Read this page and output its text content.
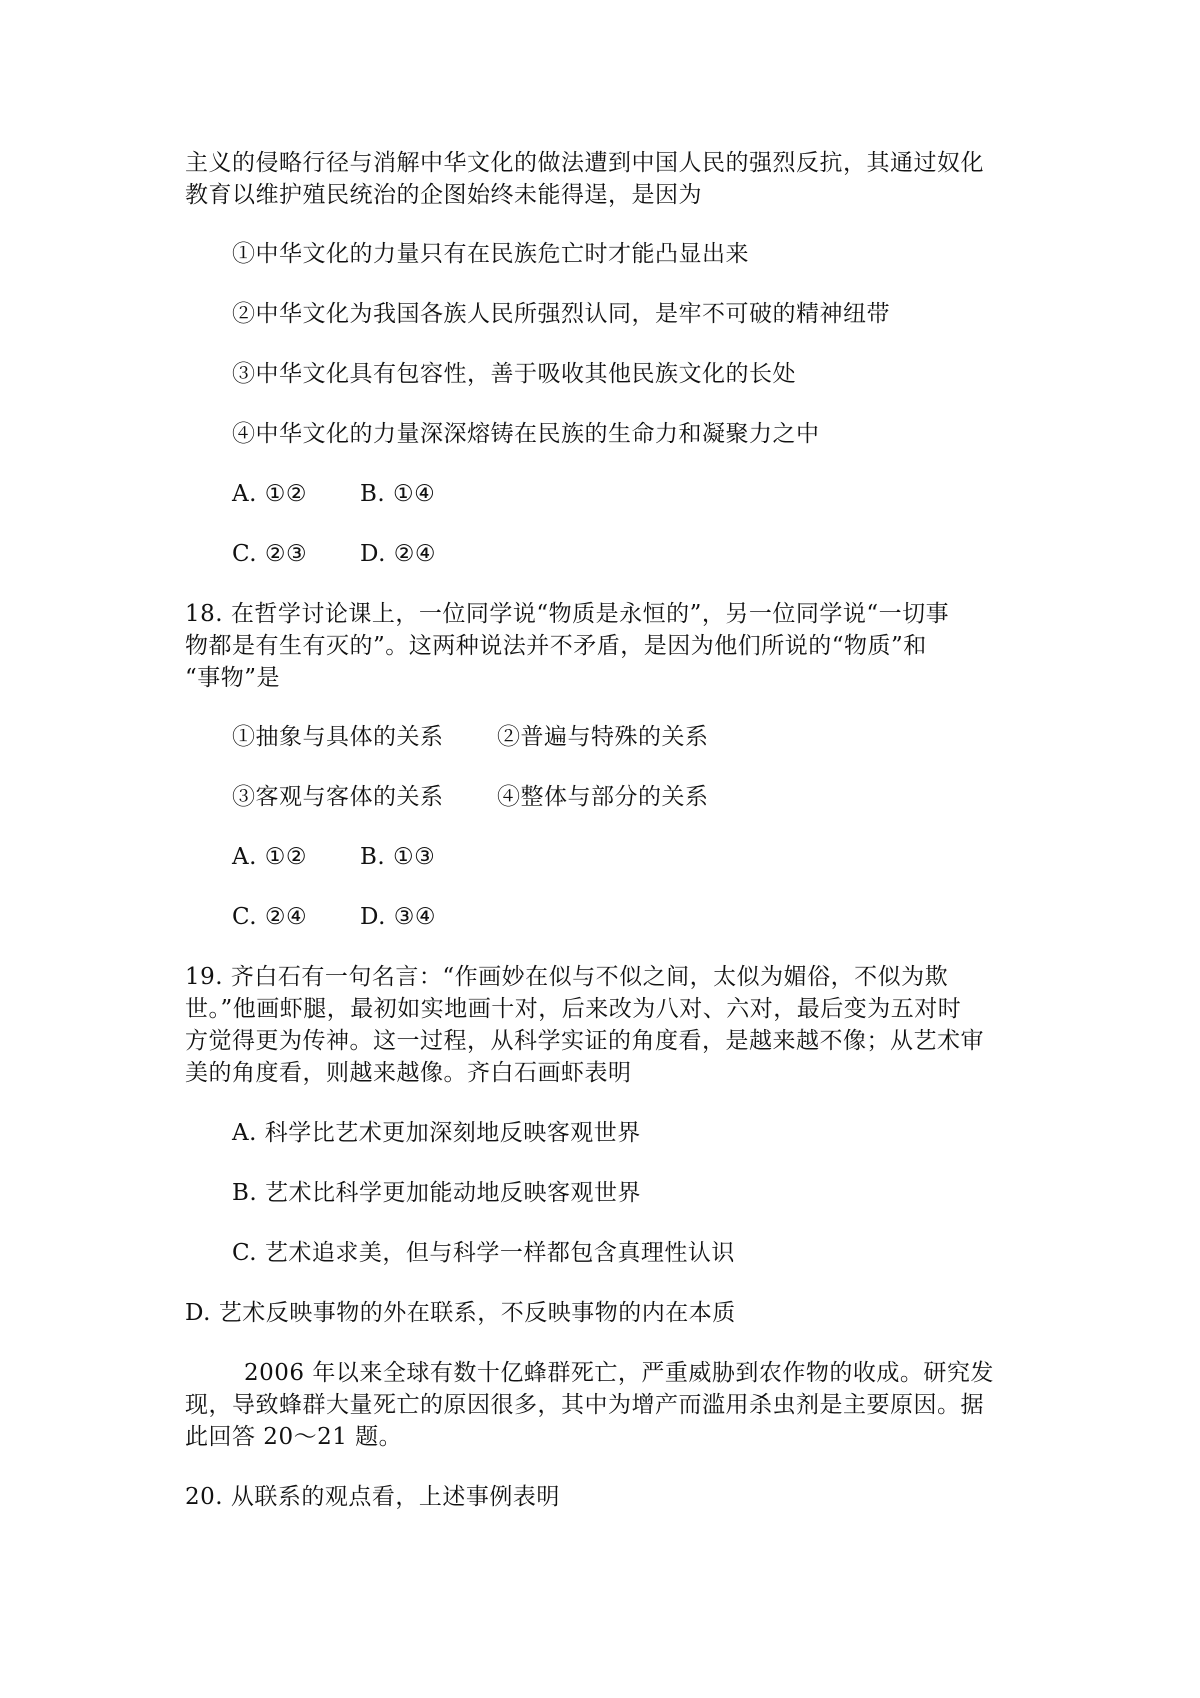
主义的侵略行径与消解中华文化的做法遭到中国人民的强烈反抗，其通过奴化
教育以维护殖民统治的企图始终未能得逞，是因为
①中华文化的力量只有在民族危亡时才能凸显出来
②中华文化为我国各族人民所强烈认同，是牢不可破的精神纽带
③中华文化具有包容性，善于吸收其他民族文化的长处
④中华文化的力量深深熔铸在民族的生命力和凝聚力之中
A. ①② B. ①④
C. ②③ D. ②④
18. 在哲学讨论课上，一位同学说“物质是永恒的”，另一位同学说“一切事
物都是有生有灭的”。这两种说法并不矛盾，是因为他们所说的“物质”和
“事物”是
①抽象与具体的关系 ②普遍与特殊的关系
③客观与客体的关系 ④整体与部分的关系
A. ①② B. ①③
C. ②④ D. ③④
19. 齐白石有一句名言：“作画妙在似与不似之间，太似为媚俗，不似为欺
世。”他画虾腿，最初如实地画十对，后来改为八对、六对，最后变为五对时
方觉得更为传神。这一过程，从科学实证的角度看，是越来越不像；从艺术审
美的角度看，则越来越像。齐白石画虾表明
A. 科学比艺术更加深刻地反映客观世界
B. 艺术比科学更加能动地反映客观世界
C. 艺术追求美，但与科学一样都包含真理性认识
D. 艺术反映事物的外在联系，不反映事物的内在本质
2006 年以来全球有数十亿蜂群死亡，严重威胁到农作物的收成。研究发
现，导致蜂群大量死亡的原因很多，其中为增产而滥用杀虫剂是主要原因。据
此回答 20～21 题。
20. 从联系的观点看，上述事例表明
